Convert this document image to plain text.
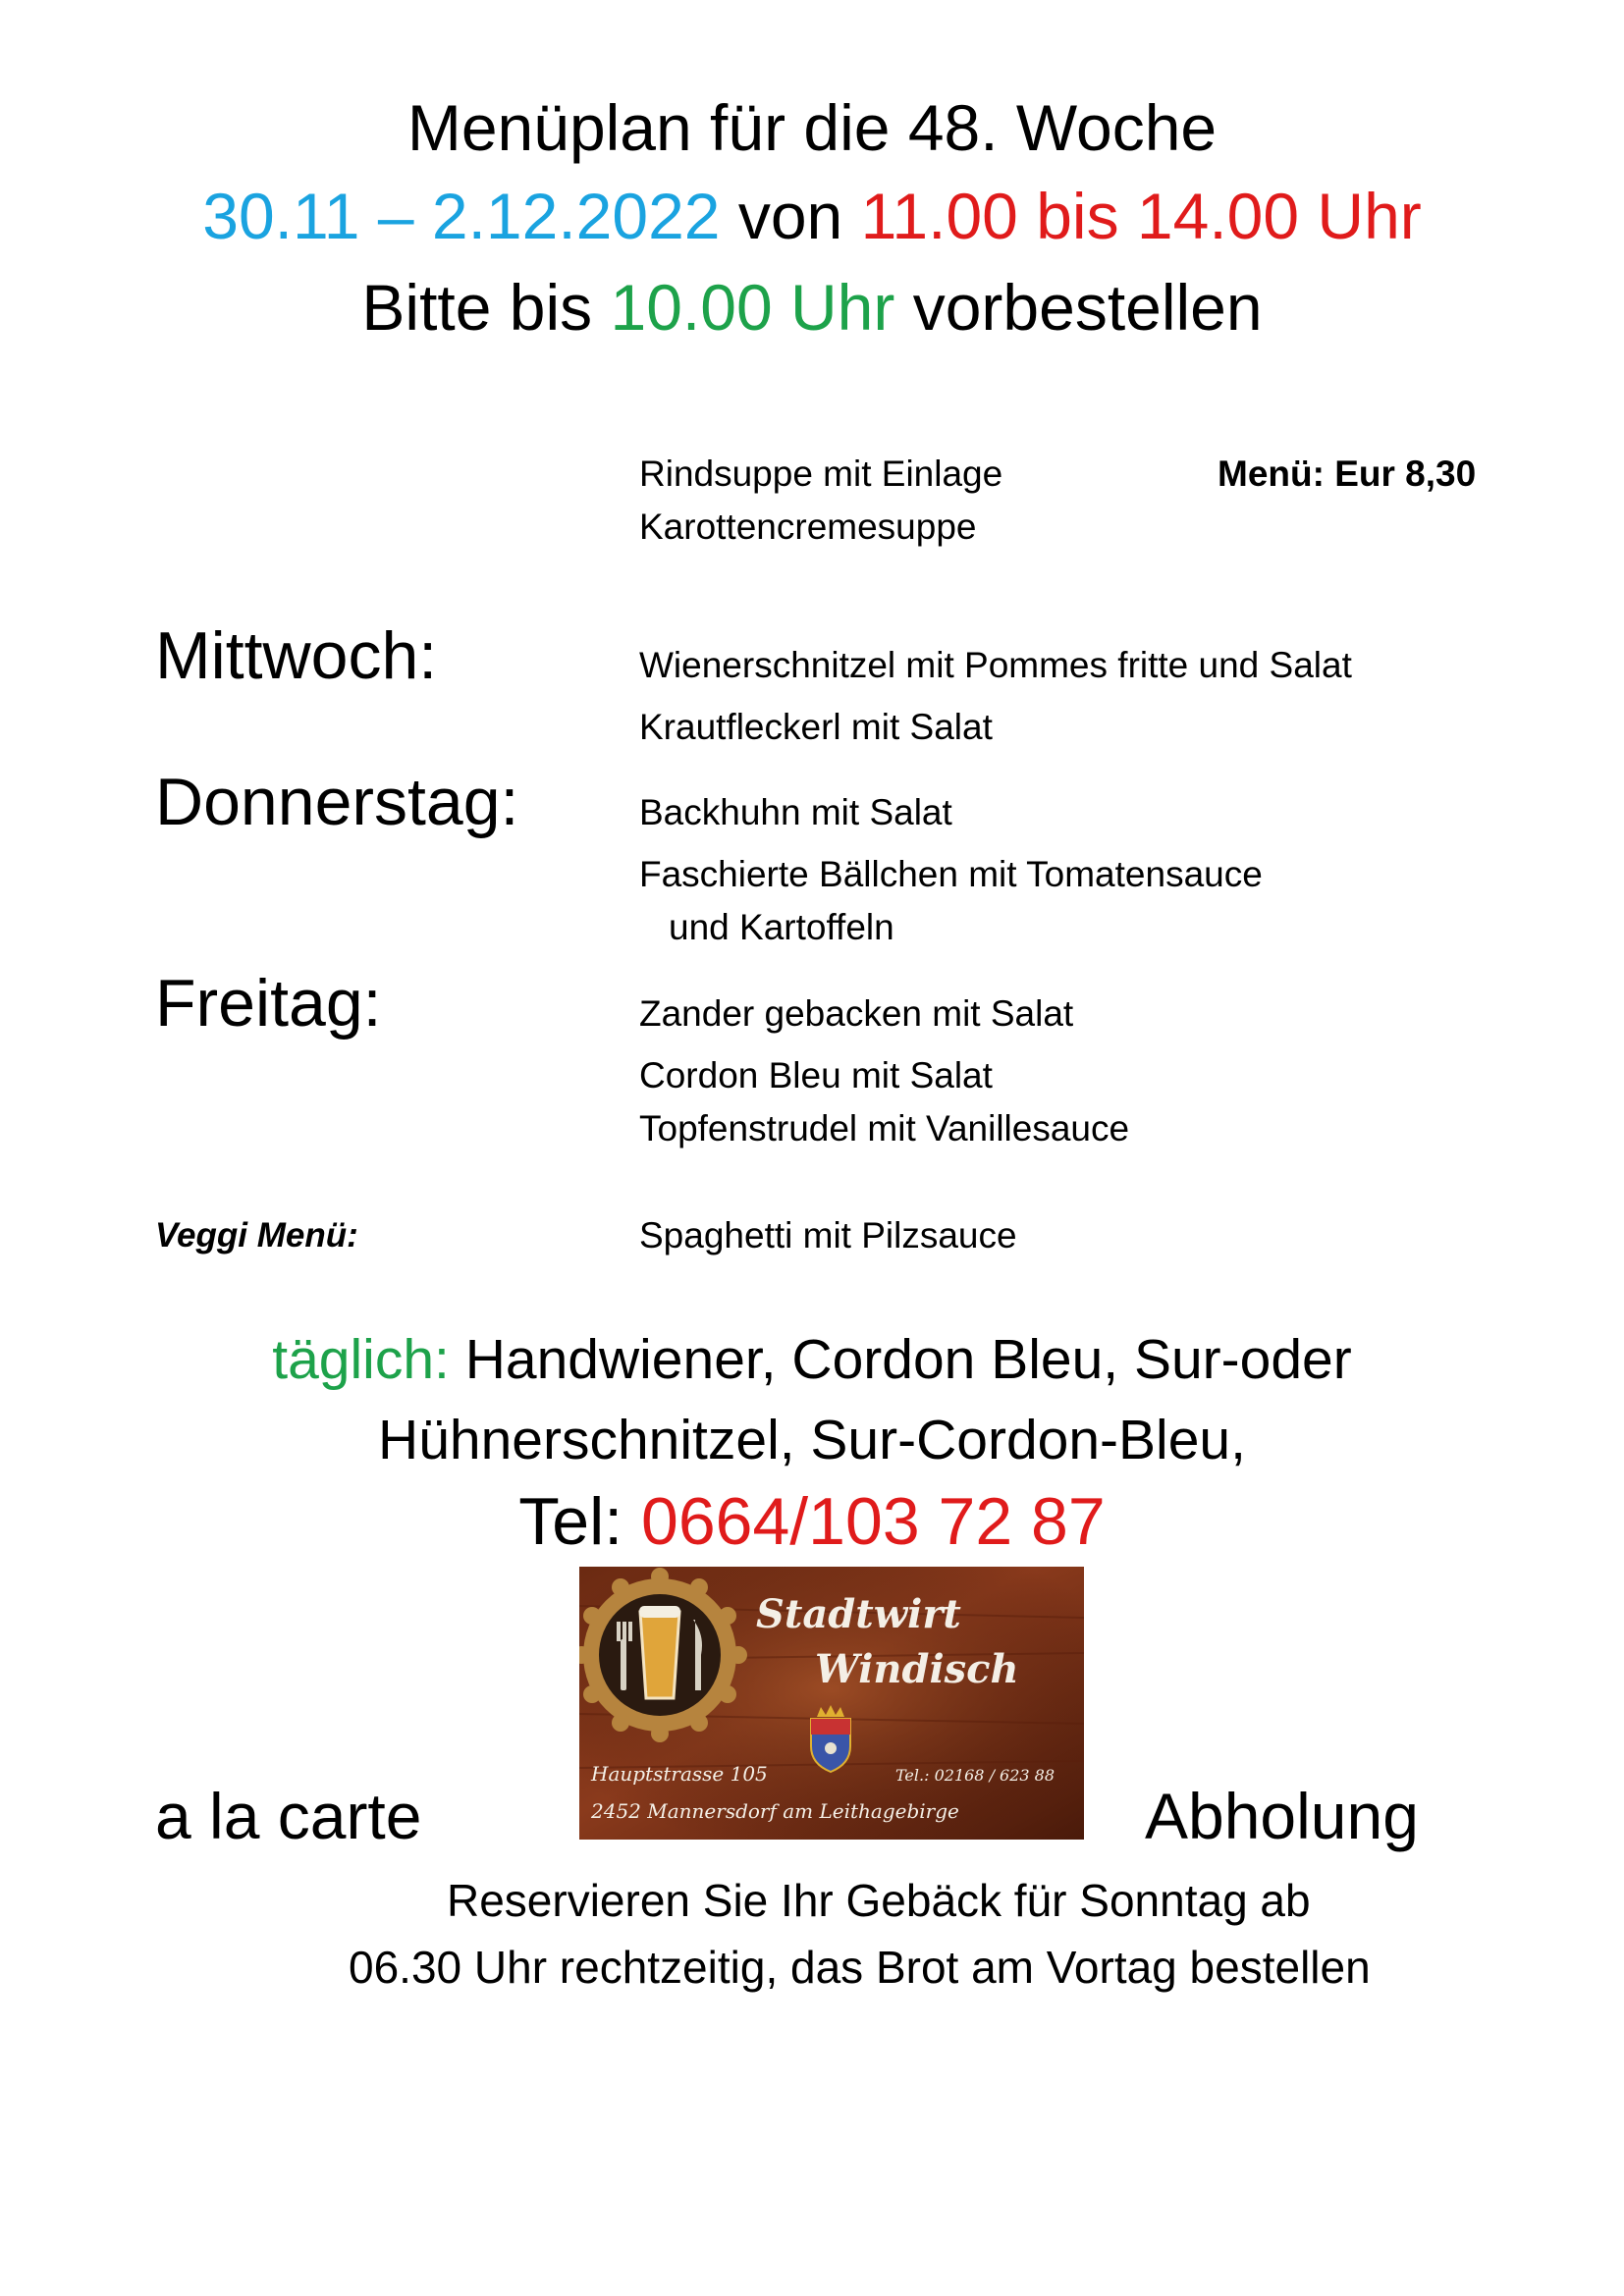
Menüplan für die 48. Woche
30.11 – 2.12.2022 von 11.00 bis 14.00 Uhr
Bitte bis 10.00 Uhr vorbestellen
Rindsuppe mit Einlage
Karottencremesuppe
Menü: Eur 8,30
Mittwoch:	Wienerschnitzel mit Pommes fritte und Salat
Krautfleckerl mit Salat
Donnerstag:	Backhuhn mit Salat
Faschierte Bällchen mit Tomatensauce
und Kartoffeln
Freitag:	Zander gebacken mit Salat
Cordon Bleu mit Salat
Topfenstrudel mit Vanillesauce
Veggi Menü:	Spaghetti mit Pilzsauce
täglich: Handwiener, Cordon Bleu, Sur-oder
Hühnerschnitzel, Sur-Cordon-Bleu,
Tel: 0664/103 72 87
Stadtwirt
Windisch
Hauptstrasse 105
2452 Mannersdorf am Leithagebirge
Tel.: 02168 / 623 88
a la carte	Abholung
Reservieren Sie Ihr Gebäck für Sonntag ab
06.30 Uhr rechtzeitig, das Brot am Vortag bestellen
